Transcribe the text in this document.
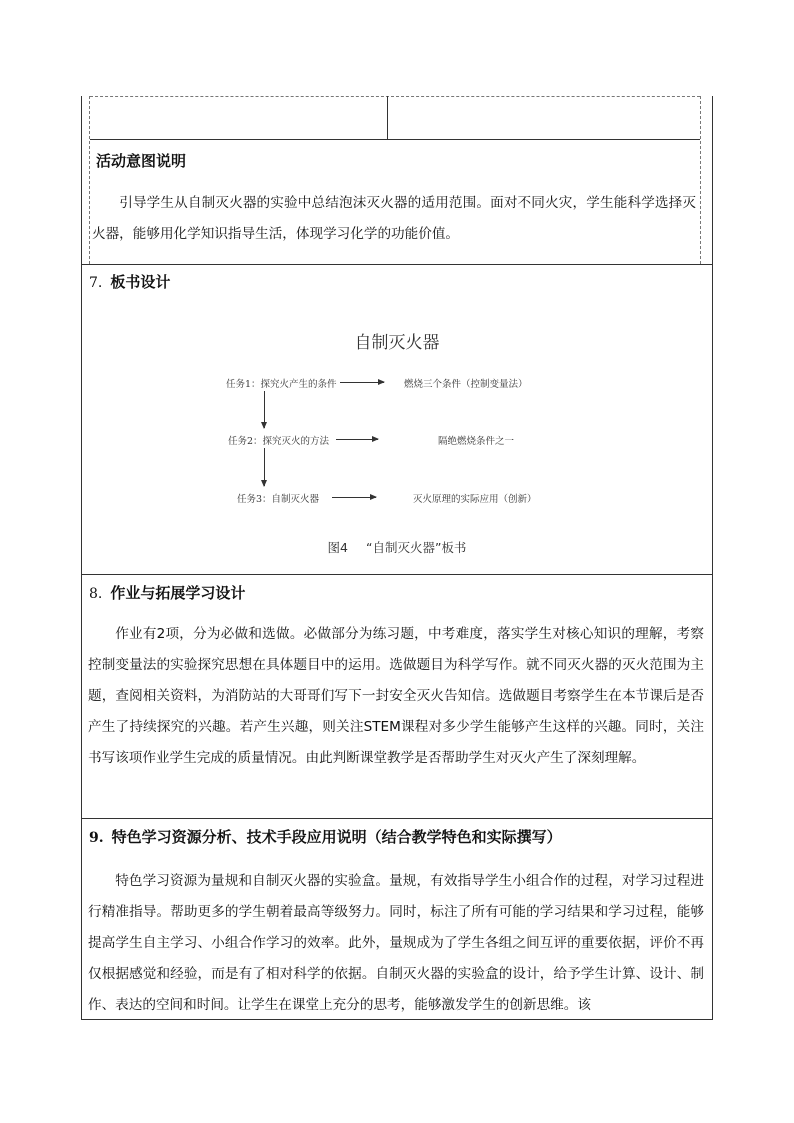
活动意图说明
引导学生从自制灭火器的实验中总结泡沫灭火器的适用范围。面对不同火灾，学生能科学选择灭火器，能够用化学知识指导生活，体现学习化学的功能价值。
7. 板书设计
自制灭火器
任务1：探究火产生的条件	燃烧三个条件（控制变量法）
任务2：探究灭火的方法	隔绝燃烧条件之一
任务3：自制灭火器	灭火原理的实际应用（创新）
图4 “自制灭火器”板书
8. 作业与拓展学习设计
作业有2项，分为必做和选做。必做部分为练习题，中考难度，落实学生对核心知识的理解，考察控制变量法的实验探究思想在具体题目中的运用。选做题目为科学写作。就不同灭火器的灭火范围为主题，查阅相关资料，为消防站的大哥哥们写下一封安全灭火告知信。选做题目考察学生在本节课后是否产生了持续探究的兴趣。若产生兴趣，则关注STEM课程对多少学生能够产生这样的兴趣。同时，关注书写该项作业学生完成的质量情况。由此判断课堂教学是否帮助学生对灭火产生了深刻理解。
9. 特色学习资源分析、技术手段应用说明（结合教学特色和实际撰写）
特色学习资源为量规和自制灭火器的实验盒。量规，有效指导学生小组合作的过程，对学习过程进行精准指导。帮助更多的学生朝着最高等级努力。同时，标注了所有可能的学习结果和学习过程，能够提高学生自主学习、小组合作学习的效率。此外，量规成为了学生各组之间互评的重要依据，评价不再仅根据感觉和经验，而是有了相对科学的依据。自制灭火器的实验盒的设计，给予学生计算、设计、制作、表达的空间和时间。让学生在课堂上充分的思考，能够激发学生的创新思维。该
